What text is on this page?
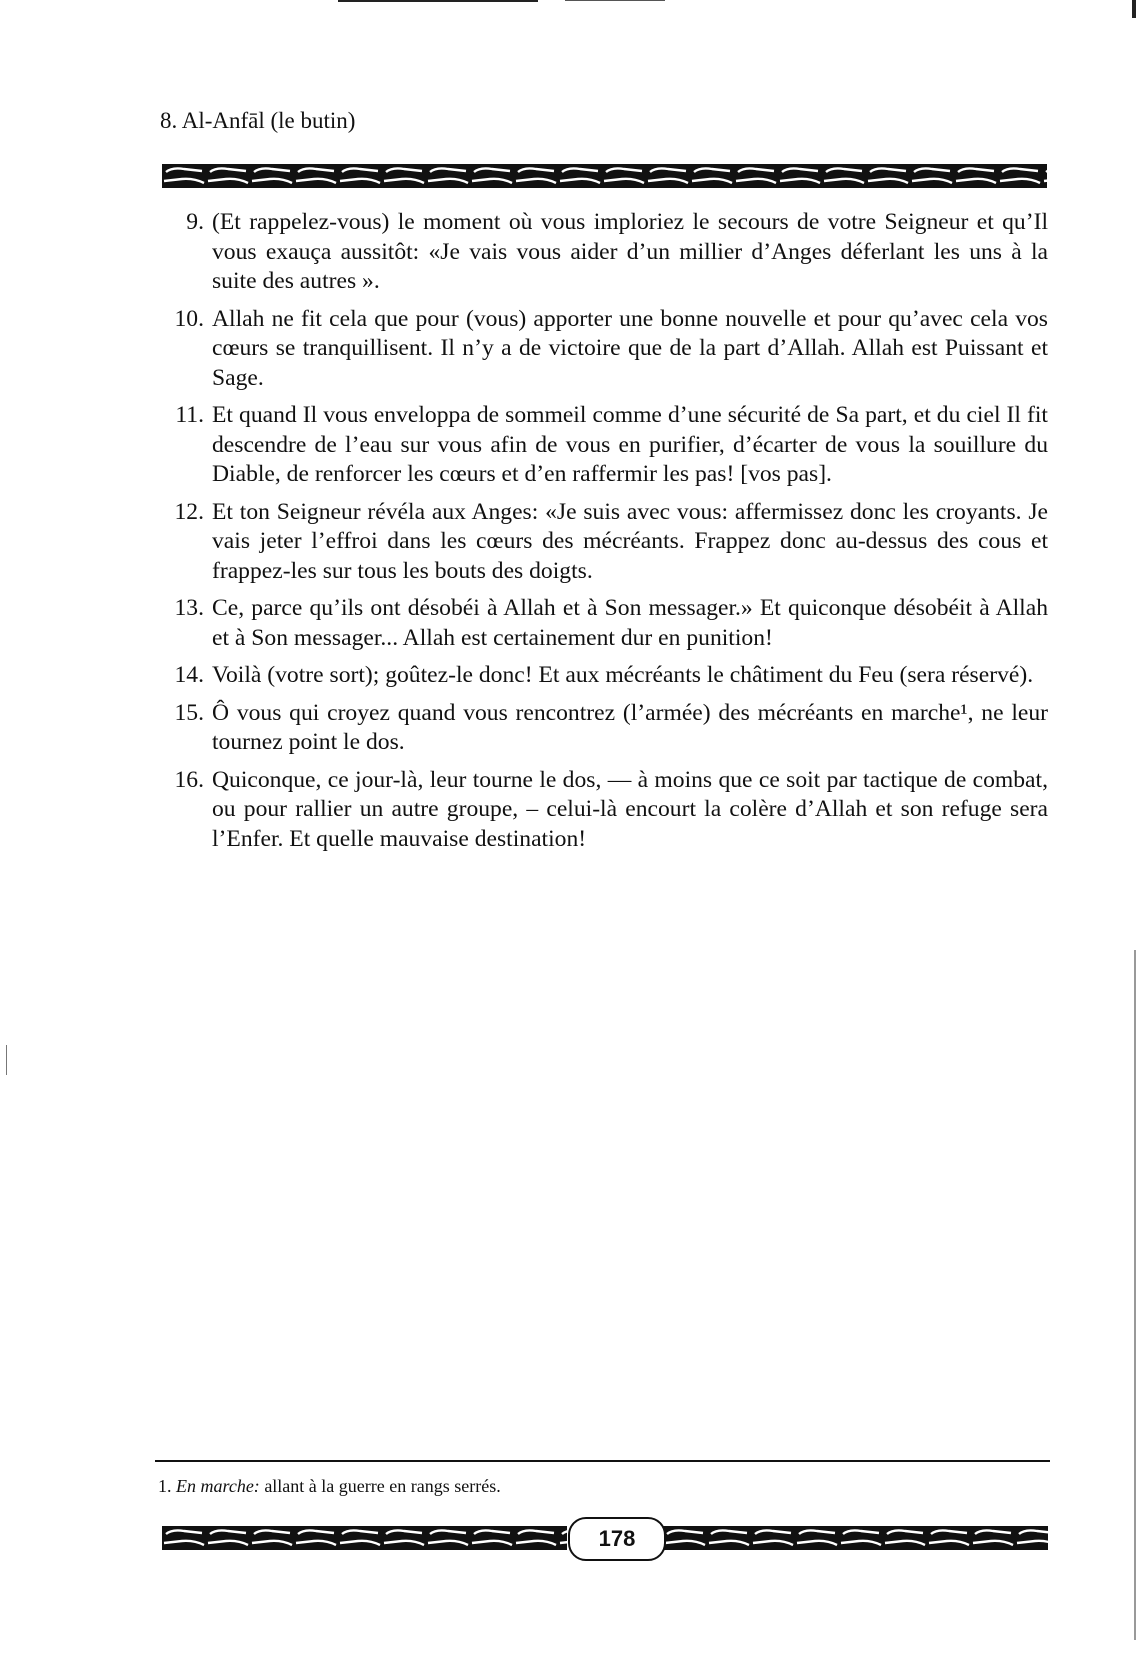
8. Al-Anfāl (le butin)
9. (Et rappelez-vous) le moment où vous imploriez le secours de votre Seigneur et qu’Il vous exauça aussitôt: «Je vais vous aider d’un millier d’Anges déferlant les uns à la suite des autres ».
10. Allah ne fit cela que pour (vous) apporter une bonne nouvelle et pour qu’avec cela vos cœurs se tranquillisent. Il n’y a de victoire que de la part d’Allah. Allah est Puissant et Sage.
11. Et quand Il vous enveloppa de sommeil comme d’une sécurité de Sa part, et du ciel Il fit descendre de l’eau sur vous afin de vous en purifier, d’écarter de vous la souillure du Diable, de renforcer les cœurs et d’en raffermir les pas! [vos pas].
12. Et ton Seigneur révéla aux Anges: «Je suis avec vous: affermissez donc les croyants. Je vais jeter l’effroi dans les cœurs des mécréants. Frappez donc au-dessus des cous et frappez-les sur tous les bouts des doigts.
13. Ce, parce qu’ils ont désobéi à Allah et à Son messager.» Et quiconque désobéit à Allah et à Son messager... Allah est certainement dur en punition!
14. Voilà (votre sort); goûtez-le donc! Et aux mécréants le châtiment du Feu (sera réservé).
15. Ô vous qui croyez quand vous rencontrez (l’armée) des mécréants en marche¹, ne leur tournez point le dos.
16. Quiconque, ce jour-là, leur tourne le dos, — à moins que ce soit par tactique de combat, ou pour rallier un autre groupe, – celui-là encourt la colère d’Allah et son refuge sera l’Enfer. Et quelle mauvaise destination!
1. En marche: allant à la guerre en rangs serrés.
178
